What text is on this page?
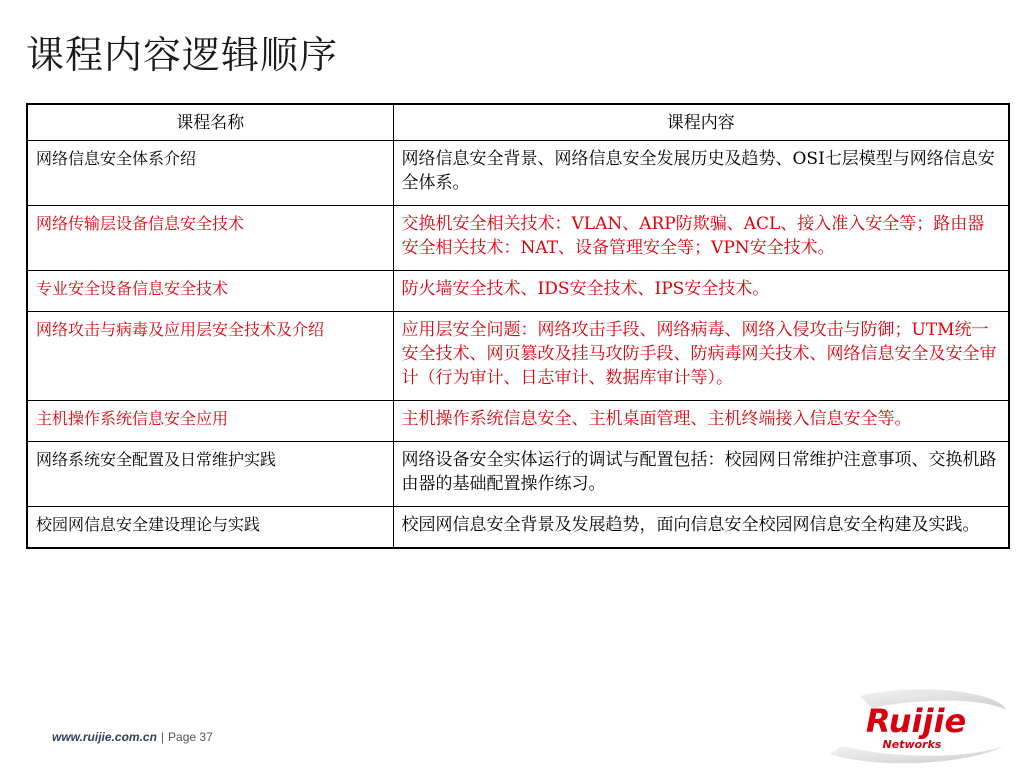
课程内容逻辑顺序
课程名称	课程内容
网络信息安全体系介绍	网络信息安全背景、网络信息安全发展历史及趋势、OSI七层模型与网络信息安全体系。
网络传输层设备信息安全技术	交换机安全相关技术：VLAN、ARP防欺骗、ACL、接入准入安全等；路由器安全相关技术：NAT、设备管理安全等；VPN安全技术。
专业安全设备信息安全技术	防火墙安全技术、IDS安全技术、IPS安全技术。
网络攻击与病毒及应用层安全技术及介绍	应用层安全问题：网络攻击手段、网络病毒、网络入侵攻击与防御；UTM统一安全技术、网页篡改及挂马攻防手段、防病毒网关技术、网络信息安全及安全审计（行为审计、日志审计、数据库审计等）。
主机操作系统信息安全应用	主机操作系统信息安全、主机桌面管理、主机终端接入信息安全等。
网络系统安全配置及日常维护实践	网络设备安全实体运行的调试与配置包括：校园网日常维护注意事项、交换机路由器的基础配置操作练习。
校园网信息安全建设理论与实践	校园网信息安全背景及发展趋势，面向信息安全校园网信息安全构建及实践。
www.ruijie.com.cn | Page 37	Ruijie
Networks
